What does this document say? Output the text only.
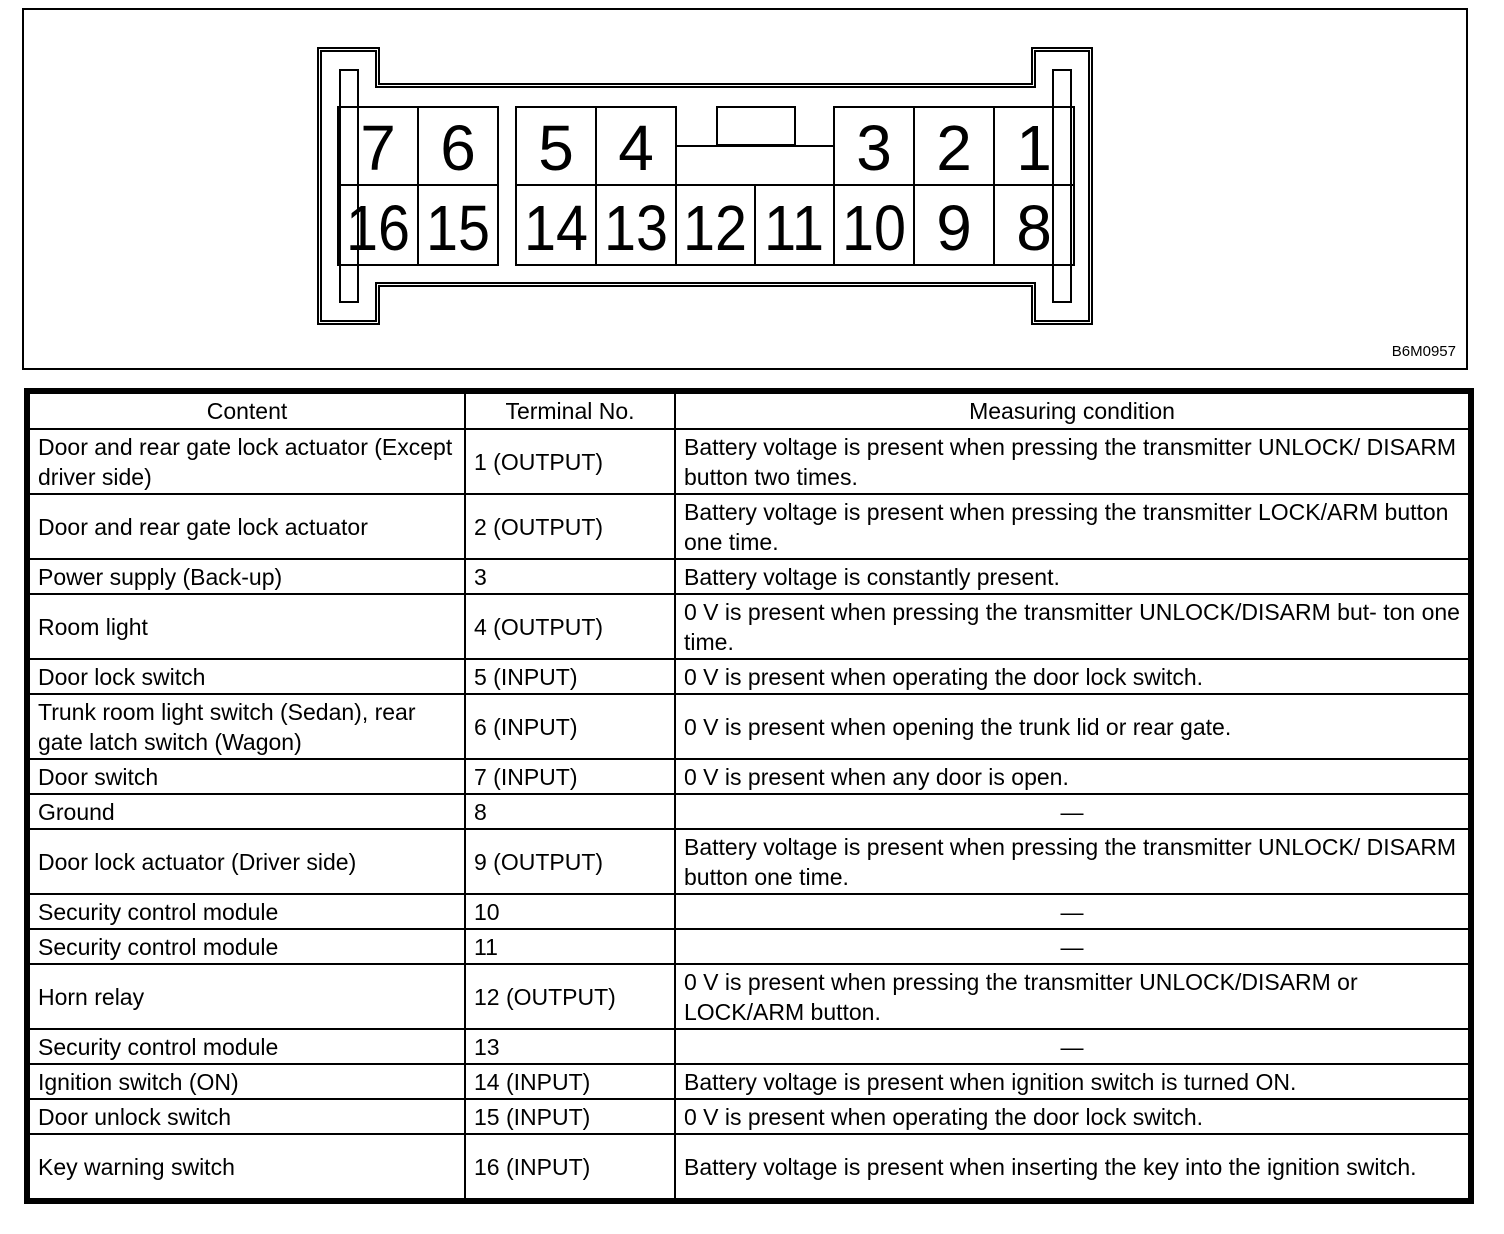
7 6 5 4	3 2 1
16 15 14 13 12 11 10 9 8
B6M0957
Content	Terminal No.	Measuring condition
Door and rear gate lock actuator (Except driver side)	1 (OUTPUT)	Battery voltage is present when pressing the transmitter UNLOCK/ DISARM button two times.
Door and rear gate lock actuator	2 (OUTPUT)	Battery voltage is present when pressing the transmitter LOCK/ARM button one time.
Power supply (Back-up)	3	Battery voltage is constantly present.
Room light	4 (OUTPUT)	0 V is present when pressing the transmitter UNLOCK/DISARM but- ton one time.
Door lock switch	5 (INPUT)	0 V is present when operating the door lock switch.
Trunk room light switch (Sedan), rear gate latch switch (Wagon)	6 (INPUT)	0 V is present when opening the trunk lid or rear gate.
Door switch	7 (INPUT)	0 V is present when any door is open.
Ground	8	—
Door lock actuator (Driver side)	9 (OUTPUT)	Battery voltage is present when pressing the transmitter UNLOCK/ DISARM button one time.
Security control module	10	—
Security control module	11	—
Horn relay	12 (OUTPUT)	0 V is present when pressing the transmitter UNLOCK/DISARM or LOCK/ARM button.
Security control module	13	—
Ignition switch (ON)	14 (INPUT)	Battery voltage is present when ignition switch is turned ON.
Door unlock switch	15 (INPUT)	0 V is present when operating the door lock switch.
Key warning switch	16 (INPUT)	Battery voltage is present when inserting the key into the ignition switch.
